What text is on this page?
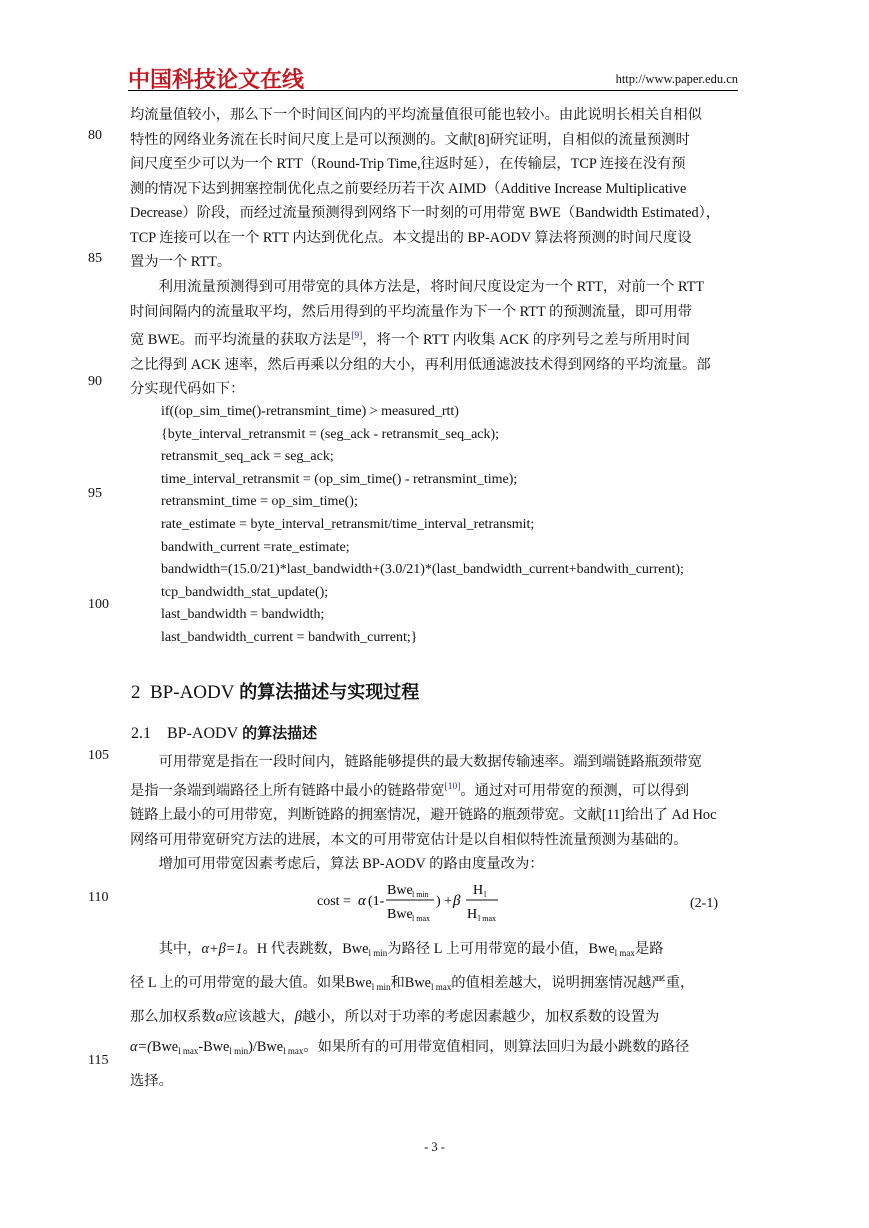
中国科技论文在线	http://www.paper.edu.cn
80
85
90
95
100
105
110
115
均流量值较小，那么下一个时间区间内的平均流量值很可能也较小。由此说明长相关自相似
特性的网络业务流在长时间尺度上是可以预测的。文献[8]研究证明，自相似的流量预测时
间尺度至少可以为一个 RTT（Round-Trip Time,往返时延），在传输层，TCP 连接在没有预
测的情况下达到拥塞控制优化点之前要经历若干次 AIMD（Additive Increase Multiplicative
Decrease）阶段，而经过流量预测得到网络下一时刻的可用带宽 BWE（Bandwidth Estimated），
TCP 连接可以在一个 RTT 内达到优化点。本文提出的 BP-AODV 算法将预测的时间尺度设
置为一个 RTT。
　　利用流量预测得到可用带宽的具体方法是，将时间尺度设定为一个 RTT，对前一个 RTT
时间间隔内的流量取平均，然后用得到的平均流量作为下一个 RTT 的预测流量，即可用带
宽 BWE。而平均流量的获取方法是[9]，将一个 RTT 内收集 ACK 的序列号之差与所用时间
之比得到 ACK 速率，然后再乘以分组的大小，再利用低通滤波技术得到网络的平均流量。部
分实现代码如下：
if((op_sim_time()-retransmint_time) > measured_rtt)
{byte_interval_retransmit = (seg_ack - retransmit_seq_ack);
retransmit_seq_ack = seg_ack;
time_interval_retransmit = (op_sim_time() - retransmint_time);
retransmint_time = op_sim_time();
rate_estimate = byte_interval_retransmit/time_interval_retransmit;
bandwith_current =rate_estimate;
bandwidth=(15.0/21)*last_bandwidth+(3.0/21)*(last_bandwidth_current+bandwith_current);
tcp_bandwidth_stat_update();
last_bandwidth = bandwidth;
last_bandwidth_current = bandwith_current;}
2 BP-AODV 的算法描述与实现过程
2.1 BP-AODV 的算法描述
　　可用带宽是指在一段时间内，链路能够提供的最大数据传输速率。端到端链路瓶颈带宽
是指一条端到端路径上所有链路中最小的链路带宽[10]。通过对可用带宽的预测，可以得到
链路上最小的可用带宽，判断链路的拥塞情况，避开链路的瓶颈带宽。文献[11]给出了 Ad Hoc
网络可用带宽研究方法的进展，本文的可用带宽估计是以自相似特性流量预测为基础的。
　　增加可用带宽因素考虑后，算法 BP-AODV 的路由度量改为：
cost = α (1-
Bwe l min
Bwe l max
) + β
H l
H l max
(2-1)
　　其中，α+β=1。H 代表跳数，Bwe$_{l min}$为路径 L 上可用带宽的最小值，Bwe$_{l max}$是路
径 L 上的可用带宽的最大值。如果Bwe$_{l min}$和Bwe$_{l max}$的值相差越大，说明拥塞情况越严重，
那么加权系数α应该越大，β越小，所以对于功率的考虑因素越少，加权系数的设置为
α=(Bwe$_{l max}$-Bwe$_{l min}$)/Bwe$_{l max}$。如果所有的可用带宽值相同，则算法回归为最小跳数的路径
选择。
- 3 -
